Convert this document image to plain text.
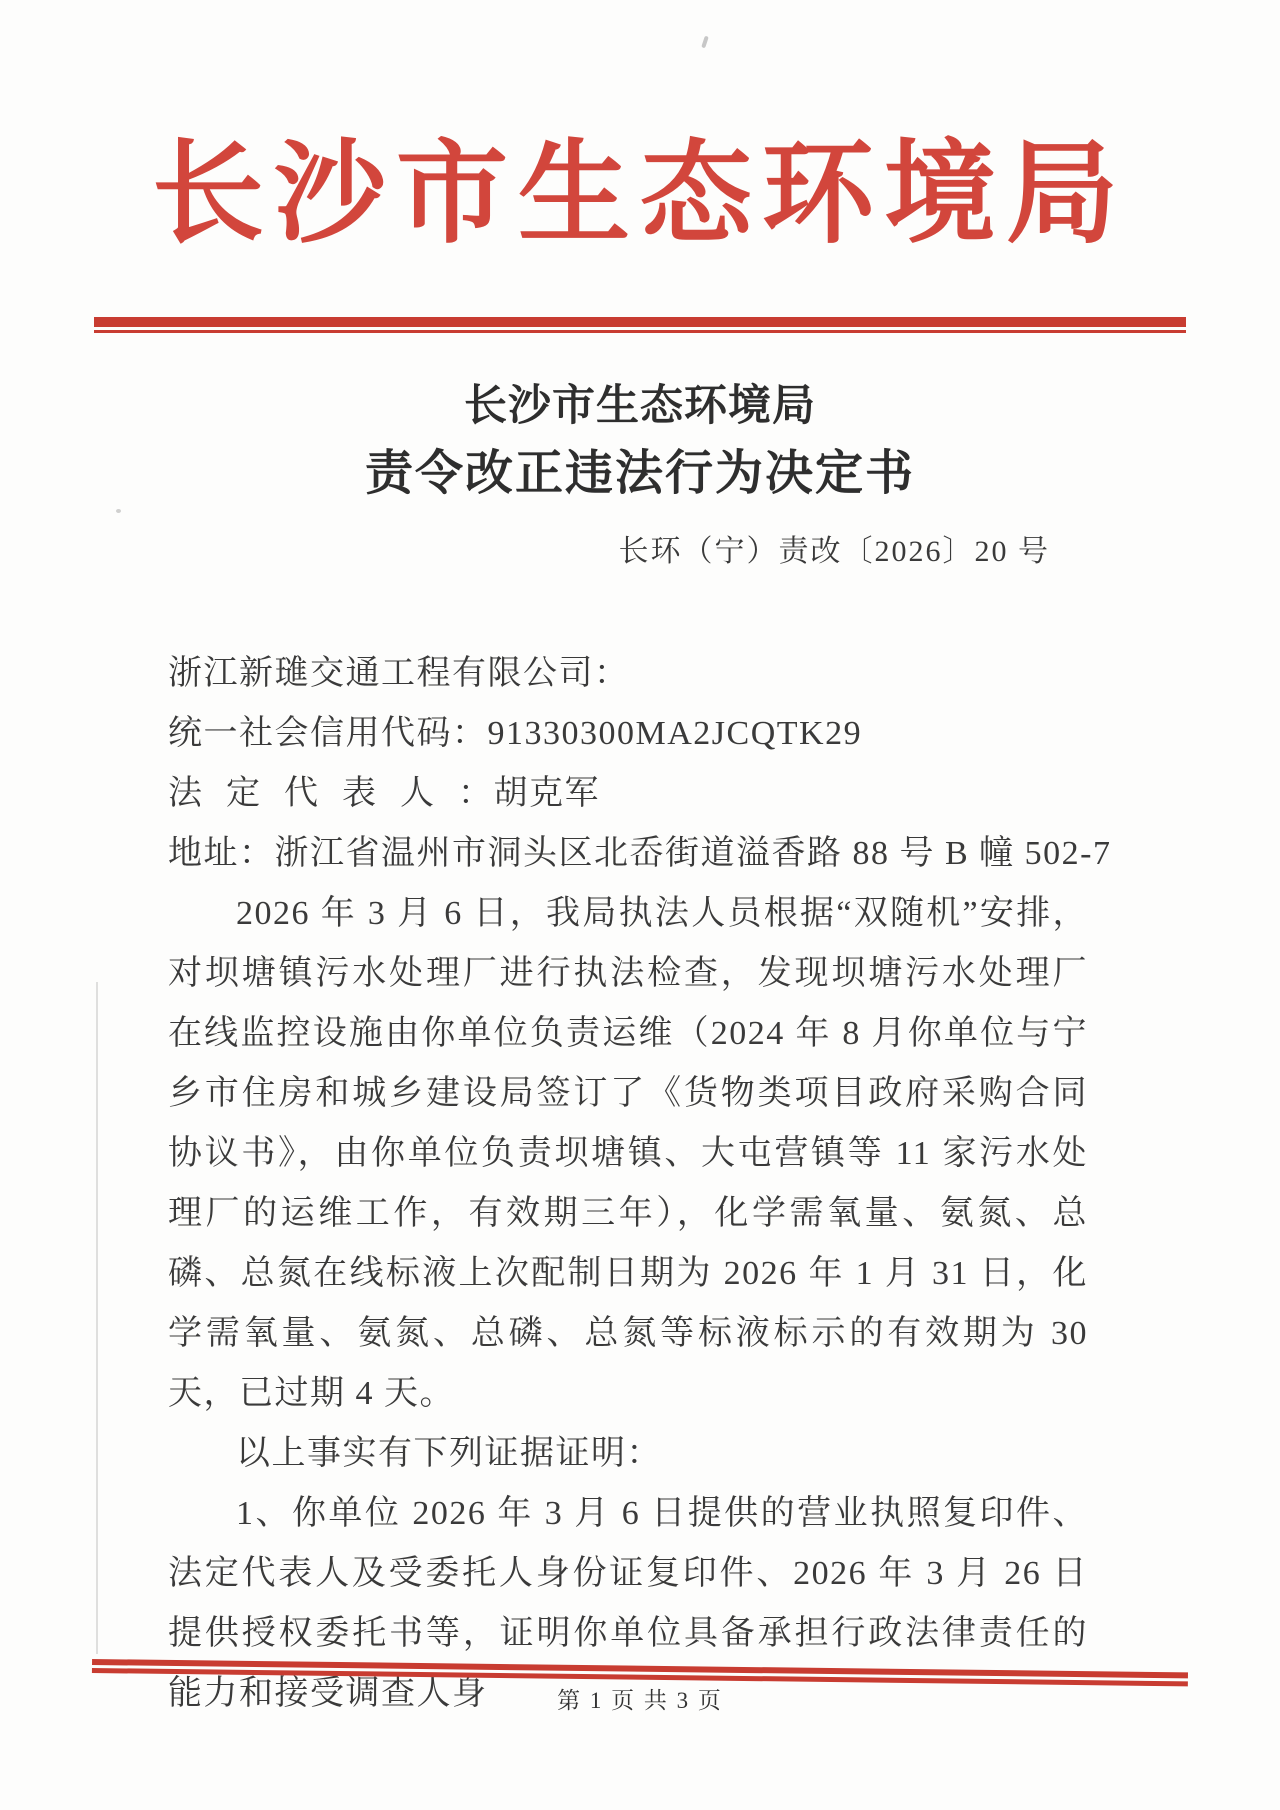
长沙市生态环境局
长沙市生态环境局
责令改正违法行为决定书
长环（宁）责改〔2026〕20 号
浙江新璡交通工程有限公司：
统一社会信用代码：91330300MA2JCQTK29
法定代表人：胡克军
地址：浙江省温州市洞头区北岙街道溢香路 88 号 B 幢 502-7

2026 年 3 月 6 日，我局执法人员根据“双随机”安排，对坝塘镇污水处理厂进行执法检查，发现坝塘污水处理厂在线监控设施由你单位负责运维（2024 年 8 月你单位与宁乡市住房和城乡建设局签订了《货物类项目政府采购合同协议书》，由你单位负责坝塘镇、大屯营镇等 11 家污水处理厂的运维工作，有效期三年），化学需氧量、氨氮、总磷、总氮在线标液上次配制日期为 2026 年 1 月 31 日，化学需氧量、氨氮、总磷、总氮等标液标示的有效期为 30 天，已过期 4 天。

以上事实有下列证据证明：

1、你单位 2026 年 3 月 6 日提供的营业执照复印件、法定代表人及受委托人身份证复印件、2026 年 3 月 26 日提供授权委托书等，证明你单位具备承担行政法律责任的能力和接受调查人身	第 1 页 共 3 页
